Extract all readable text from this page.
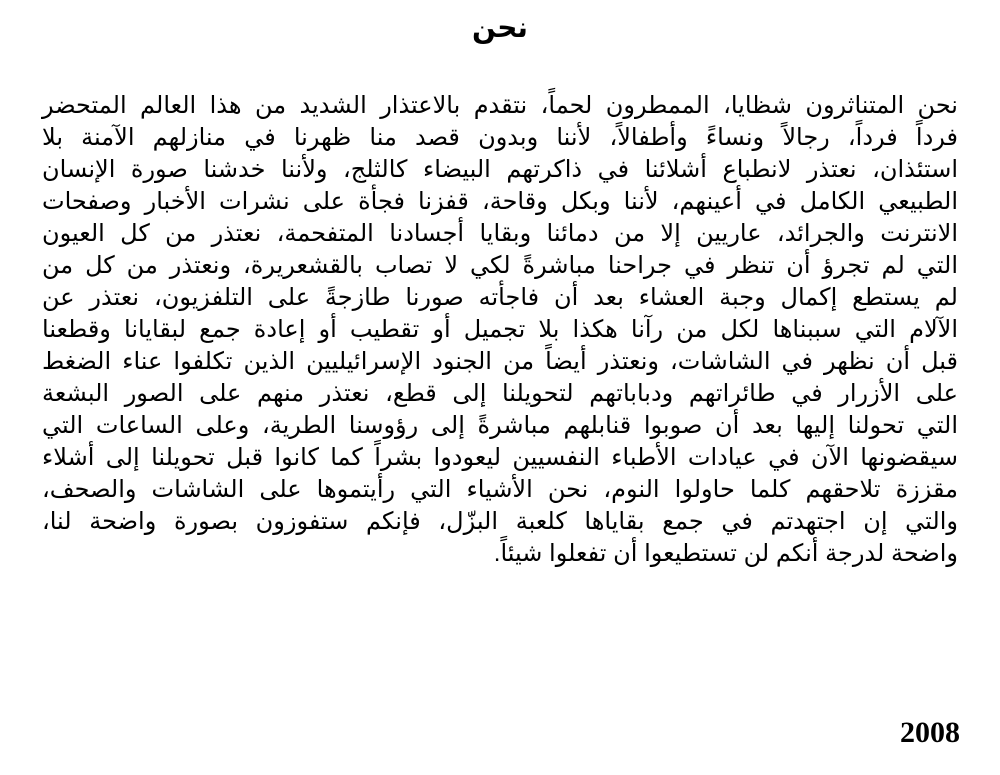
نحن
نحن المتناثرون شظايا، الممطرون لحماً، نتقدم بالاعتذار الشديد من هذا العالم المتحضر
فرداً فرداً، رجالاً ونساءً وأطفالاً، لأننا وبدون قصد منا ظهرنا في منازلهم الآمنة بلا
استئذان، نعتذر لانطباع أشلائنا في ذاكرتهم البيضاء كالثلج، ولأننا خدشنا صورة الإنسان
الطبيعي الكامل في أعينهم، لأننا وبكل وقاحة، قفزنا فجأة على نشرات الأخبار وصفحات
الانترنت والجرائد، عاريين إلا من دمائنا وبقايا أجسادنا المتفحمة، نعتذر من كل العيون
التي لم تجرؤ أن تنظر في جراحنا مباشرةً لكي لا تصاب بالقشعريرة، ونعتذر من كل من
لم يستطع إكمال وجبة العشاء بعد أن فاجأته صورنا طازجةً على التلفزيون، نعتذر عن
الآلام التي سببناها لكل من رآنا هكذا بلا تجميل أو تقطيب أو إعادة جمع لبقايانا وقطعنا
قبل أن نظهر في الشاشات، ونعتذر أيضاً من الجنود الإسرائيليين الذين تكلفوا عناء الضغط
على الأزرار في طائراتهم ودباباتهم لتحويلنا إلى قطع، نعتذر منهم على الصور البشعة
التي تحولنا إليها بعد أن صوبوا قنابلهم مباشرةً إلى رؤوسنا الطرية، وعلى الساعات التي
سيقضونها الآن في عيادات الأطباء النفسيين ليعودوا بشراً كما كانوا قبل تحويلنا إلى أشلاء
مقززة تلاحقهم كلما حاولوا النوم، نحن الأشياء التي رأيتموها على الشاشات والصحف،
والتي إن اجتهدتم في جمع بقاياها كلعبة البزّل، فإنكم ستفوزون بصورة واضحة لنا،
واضحة لدرجة أنكم لن تستطيعوا أن تفعلوا شيئاً.
2008
